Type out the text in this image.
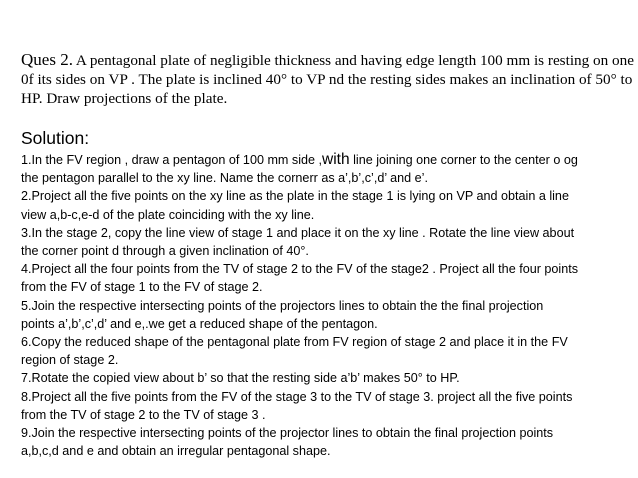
Ques 2. A pentagonal plate of negligible thickness and having edge length 100 mm is resting on one
0f its sides on VP . The plate is inclined 40° to VP nd the resting sides makes an inclination of 50° to
HP. Draw projections of the plate.
Solution:
1.In the FV region , draw a pentagon of 100 mm side ,with line joining one corner to the center o og
the pentagon parallel to the xy line. Name the cornerr as a’,b’,c’,d’ and e’.
2.Project all the five points on the xy line as the plate in the stage 1 is lying on VP and obtain a line
view a,b-c,e-d of the plate coinciding with the xy line.
3.In the stage 2, copy the line view of stage 1 and place it on the xy line . Rotate the line view about
the corner point d through a given inclination of 40°.
4.Project all the four points from the TV of stage 2 to the FV of the stage2 . Project all the four points
from the FV of stage 1 to the FV of stage 2.
5.Join the respective intersecting points of the projectors lines to obtain the the final projection
points a’,b’,c’,d’ and e,.we get a reduced shape of the pentagon.
6.Copy the reduced shape of the pentagonal plate from FV region of stage 2 and place it in the FV
region of stage 2.
7.Rotate the copied view about b’ so that the resting side a’b’ makes 50° to HP.
8.Project all the five points from the FV of the stage 3 to the TV of stage 3. project all the five points
from the TV of stage 2 to the TV of stage 3 .
9.Join the respective intersecting points of the projector lines to obtain the final projection points
a,b,c,d and e and obtain an irregular pentagonal shape.
